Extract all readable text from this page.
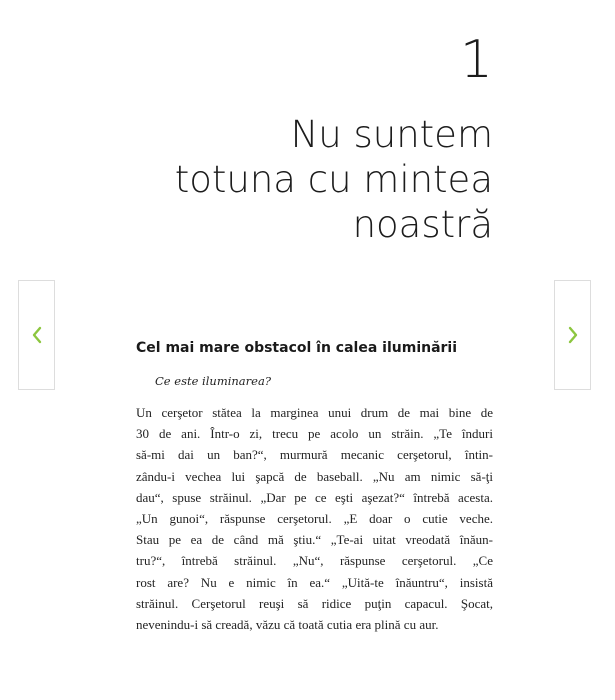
1
Nu suntem
totuna cu mintea
noastră
Cel mai mare obstacol în calea iluminării
Ce este iluminarea?
Un cerşetor stătea la marginea unui drum de mai bine de
30 de ani. Într-o zi, trecu pe acolo un străin. „Te înduri
să-mi dai un ban?“, murmură mecanic cerşetorul, întin-
zându-i vechea lui şapcă de baseball. „Nu am nimic să-ţi
dau“, spuse străinul. „Dar pe ce eşti aşezat?“ întrebă acesta.
„Un gunoi“, răspunse cerşetorul. „E doar o cutie veche.
Stau pe ea de când mă ştiu.“ „Te-ai uitat vreodată înăun-
tru?“, întrebă străinul. „Nu“, răspunse cerşetorul. „Ce
rost are? Nu e nimic în ea.“ „Uită-te înăuntru“, insistă
străinul. Cerşetorul reuşi să ridice puţin capacul. Şocat,
nevenindu-i să creadă, văzu că toată cutia era plină cu aur.
